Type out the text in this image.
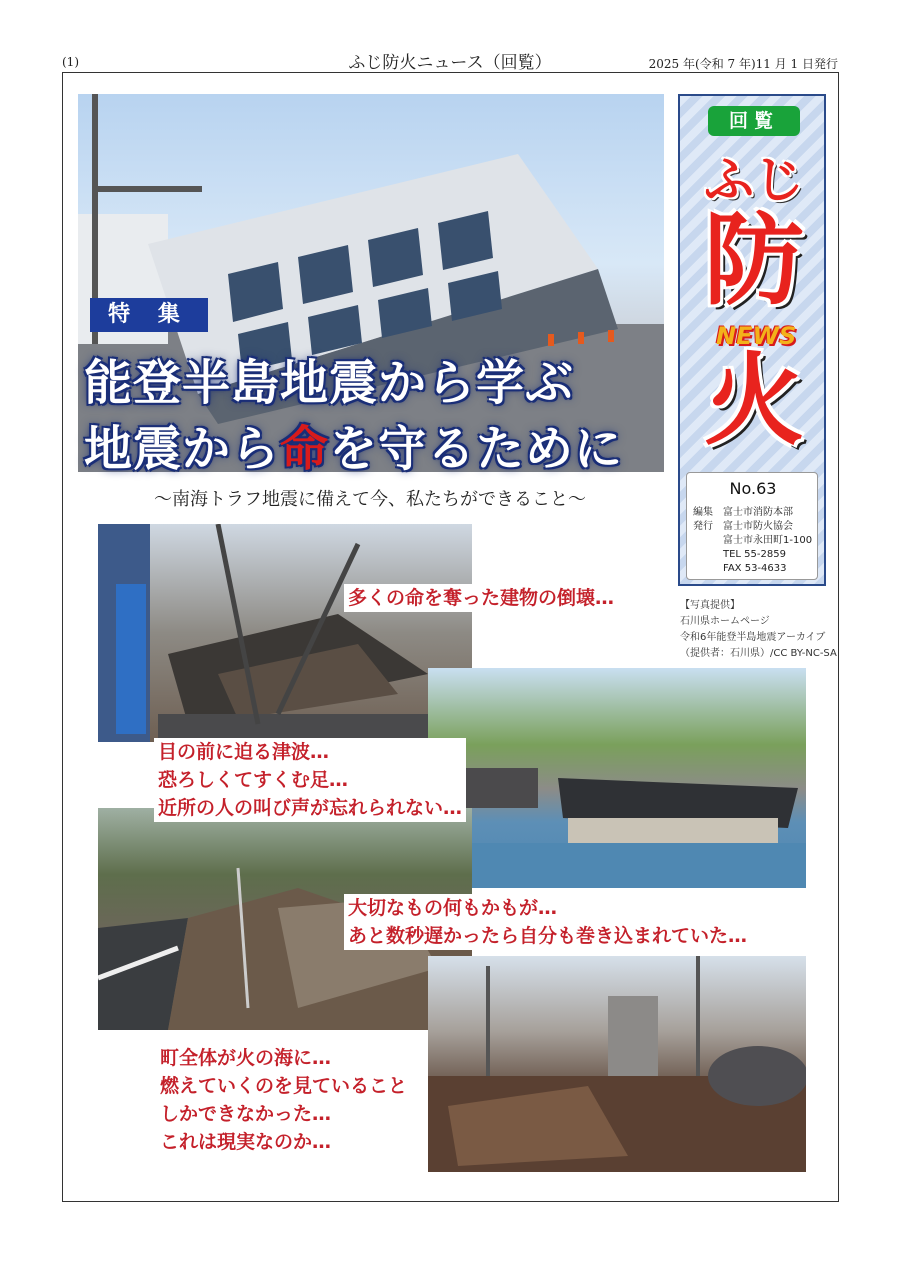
(1)	ふじ防火ニュース（回覧）	2025 年(令和 7 年)11 月 1 日発行
特 集
能登半島地震から学ぶ
地震から命を守るために
～南海トラフ地震に備えて今、私たちができること～
回覧
ふじ
防
NEWS
火
No.63
編集　富士市消防本部
発行　富士市防火協会
　　　富士市永田町1-100
　　　TEL 55-2859
　　　FAX 53-4633
【写真提供】
石川県ホームページ
令和6年能登半島地震アーカイブ
（提供者：石川県）/CC BY-NC-SA
多くの命を奪った建物の倒壊…
目の前に迫る津波…
恐ろしくてすくむ足…
近所の人の叫び声が忘れられない…
大切なもの何もかもが…
あと数秒遅かったら自分も巻き込まれていた…
町全体が火の海に…
燃えていくのを見ていること
しかできなかった…
これは現実なのか…
